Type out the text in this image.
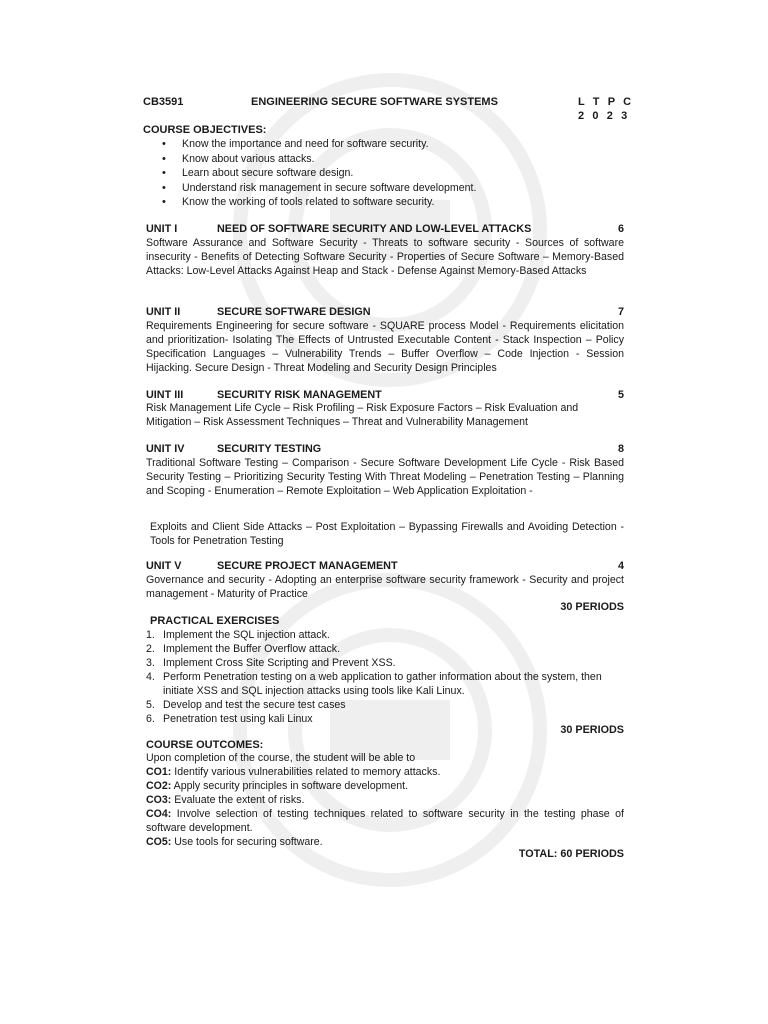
CB3591	ENGINEERING SECURE SOFTWARE SYSTEMS	L T P C
2 0 2 3
COURSE OBJECTIVES:
• Know the importance and need for software security.
• Know about various attacks.
• Learn about secure software design.
• Understand risk management in secure software development.
• Know the working of tools related to software security.
UNIT I	NEED OF SOFTWARE SECURITY AND LOW-LEVEL ATTACKS	6

Software Assurance and Software Security - Threats to software security - Sources of software insecurity - Benefits of Detecting Software Security - Properties of Secure Software – Memory-Based Attacks: Low-Level Attacks Against Heap and Stack - Defense Against Memory-Based Attacks

UNIT II	SECURE SOFTWARE DESIGN	7

Requirements Engineering for secure software - SQUARE process Model - Requirements elicitation and prioritization- Isolating The Effects of Untrusted Executable Content - Stack Inspection – Policy Specification Languages – Vulnerability Trends – Buffer Overflow – Code Injection - Session Hijacking. Secure Design - Threat Modeling and Security Design Principles

UINT III	SECURITY RISK MANAGEMENT	5

Risk Management Life Cycle – Risk Profiling – Risk Exposure Factors – Risk Evaluation and Mitigation – Risk Assessment Techniques – Threat and Vulnerability Management

UNIT IV	SECURITY TESTING	8

Traditional Software Testing – Comparison - Secure Software Development Life Cycle - Risk Based Security Testing – Prioritizing Security Testing With Threat Modeling – Penetration Testing – Planning and Scoping - Enumeration – Remote Exploitation – Web Application Exploitation -

Exploits and Client Side Attacks – Post Exploitation – Bypassing Firewalls and Avoiding Detection - Tools for Penetration Testing

UNIT V	SECURE PROJECT MANAGEMENT	4

Governance and security - Adopting an enterprise software security framework - Security and project management - Maturity of Practice

30 PERIODS
PRACTICAL EXERCISES
1. Implement the SQL injection attack.
2. Implement the Buffer Overflow attack.
3. Implement Cross Site Scripting and Prevent XSS.
4. Perform Penetration testing on a web application to gather information about the system, then initiate XSS and SQL injection attacks using tools like Kali Linux.
5. Develop and test the secure test cases
6. Penetration test using kali Linux
30 PERIODS
COURSE OUTCOMES:

Upon completion of the course, the student will be able to

CO1: Identify various vulnerabilities related to memory attacks.

CO2: Apply security principles in software development.

CO3: Evaluate the extent of risks.

CO4: Involve selection of testing techniques related to software security in the testing phase of software development.

CO5: Use tools for securing software.

TOTAL: 60 PERIODS
